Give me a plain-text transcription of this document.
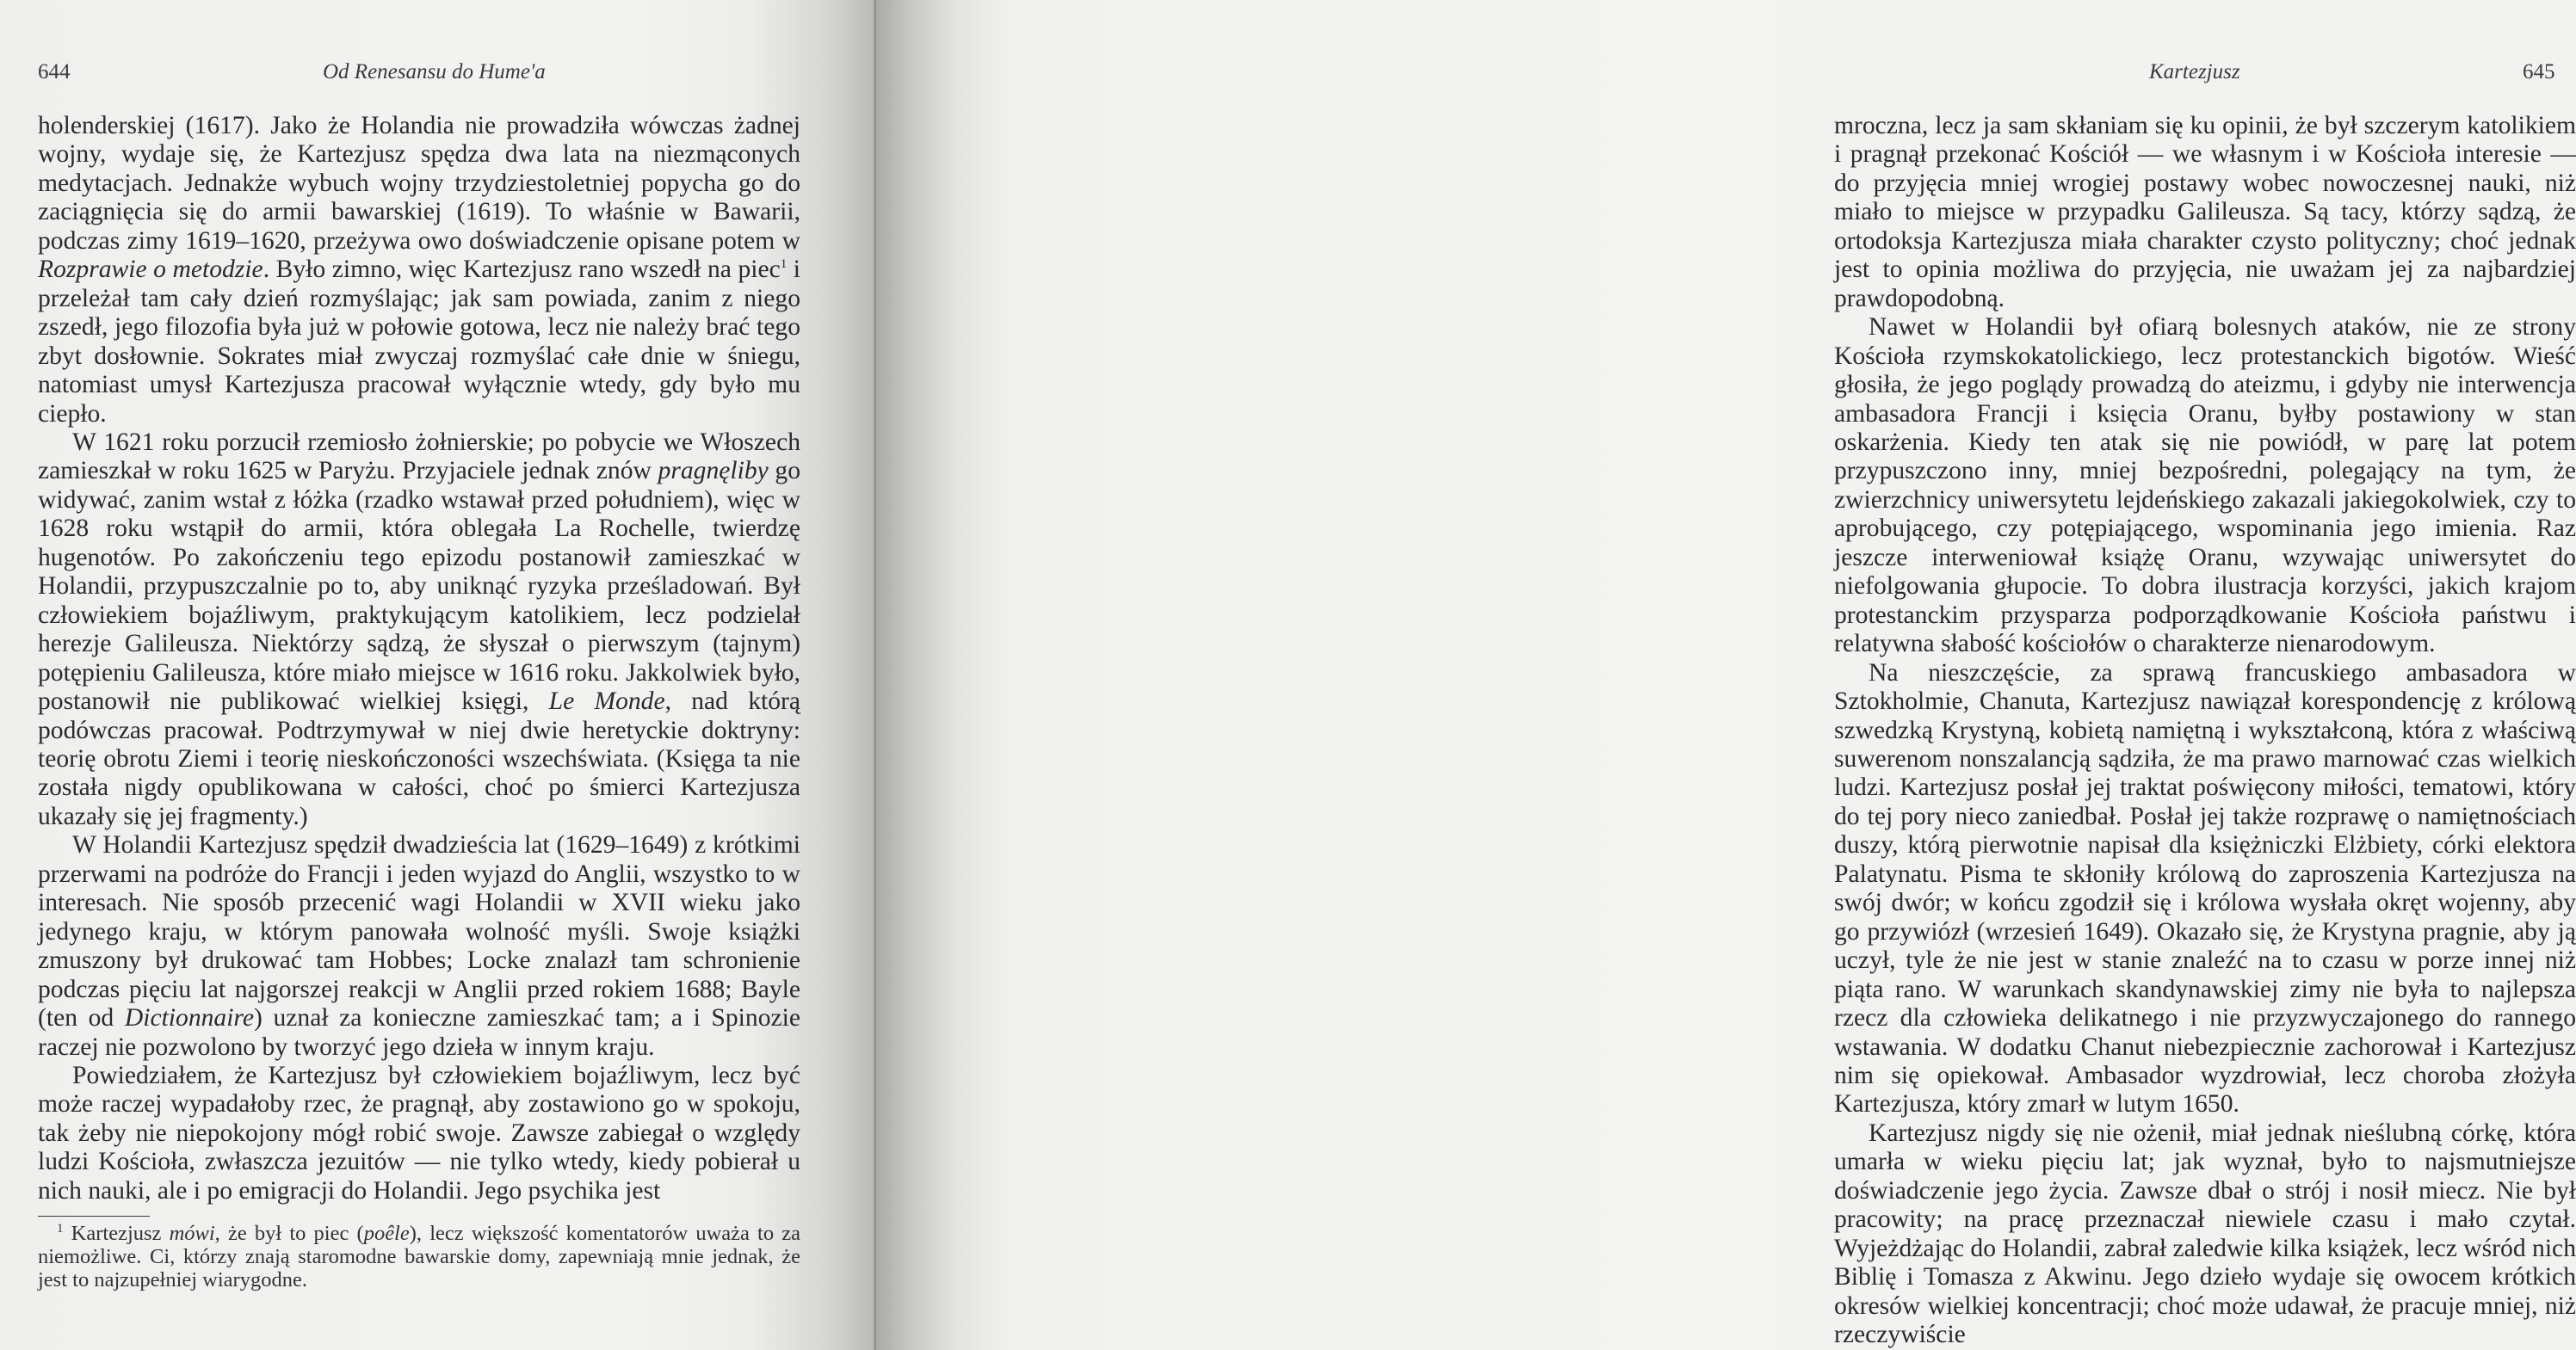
644	Od Renesansu do Hume'a

holenderskiej (1617). Jako że Holandia nie prowadziła wówczas żadnej wojny, wydaje się, że Kartezjusz spędza dwa lata na niezmąconych medytacjach. Jednakże wybuch wojny trzydziestoletniej popycha go do zaciągnięcia się do armii bawarskiej (1619). To właśnie w Bawarii, podczas zimy 1619–1620, przeżywa owo doświadczenie opisane potem w Rozprawie o metodzie. Było zimno, więc Kartezjusz rano wszedł na piec$^1$ i przeleżał tam cały dzień rozmyślając; jak sam powiada, zanim z niego zszedł, jego filozofia była już w połowie gotowa, lecz nie należy brać tego zbyt dosłownie. Sokrates miał zwyczaj rozmyślać całe dnie w śniegu, natomiast umysł Kartezjusza pracował wyłącznie wtedy, gdy było mu ciepło.

W 1621 roku porzucił rzemiosło żołnierskie; po pobycie we Włoszech zamieszkał w roku 1625 w Paryżu. Przyjaciele jednak znów pragnęliby go widywać, zanim wstał z łóżka (rzadko wstawał przed południem), więc w 1628 roku wstąpił do armii, która oblegała La Rochelle, twierdzę hugenotów. Po zakończeniu tego epizodu postanowił zamieszkać w Holandii, przypuszczalnie po to, aby uniknąć ryzyka prześladowań. Był człowiekiem bojaźliwym, praktykującym katolikiem, lecz podzielał herezje Galileusza. Niektórzy sądzą, że słyszał o pierwszym (tajnym) potępieniu Galileusza, które miało miejsce w 1616 roku. Jakkolwiek było, postanowił nie publikować wielkiej księgi, Le Monde, nad którą podówczas pracował. Podtrzymywał w niej dwie heretyckie doktryny: teorię obrotu Ziemi i teorię nieskończoności wszechświata. (Księga ta nie została nigdy opublikowana w całości, choć po śmierci Kartezjusza ukazały się jej fragmenty.)

W Holandii Kartezjusz spędził dwadzieścia lat (1629–1649) z krótkimi przerwami na podróże do Francji i jeden wyjazd do Anglii, wszystko to w interesach. Nie sposób przecenić wagi Holandii w XVII wieku jako jedynego kraju, w którym panowała wolność myśli. Swoje książki zmuszony był drukować tam Hobbes; Locke znalazł tam schronienie podczas pięciu lat najgorszej reakcji w Anglii przed rokiem 1688; Bayle (ten od Dictionnaire) uznał za konieczne zamieszkać tam; a i Spinozie raczej nie pozwolono by tworzyć jego dzieła w innym kraju.

Powiedziałem, że Kartezjusz był człowiekiem bojaźliwym, lecz być może raczej wypadałoby rzec, że pragnął, aby zostawiono go w spokoju, tak żeby nie niepokojony mógł robić swoje. Zawsze zabiegał o względy ludzi Kościoła, zwłaszcza jezuitów — nie tylko wtedy, kiedy pobierał u nich nauki, ale i po emigracji do Holandii. Jego psychika jest

$^1$ Kartezjusz mówi, że był to piec (poêle), lecz większość komentatorów uważa to za niemożliwe. Ci, którzy znają staromodne bawarskie domy, zapewniają mnie jednak, że jest to najzupełniej wiarygodne.

Kartezjusz	645

mroczna, lecz ja sam skłaniam się ku opinii, że był szczerym katolikiem i pragnął przekonać Kościół — we własnym i w Kościoła interesie — do przyjęcia mniej wrogiej postawy wobec nowoczesnej nauki, niż miało to miejsce w przypadku Galileusza. Są tacy, którzy sądzą, że ortodoksja Kartezjusza miała charakter czysto polityczny; choć jednak jest to opinia możliwa do przyjęcia, nie uważam jej za najbardziej prawdopodobną.

Nawet w Holandii był ofiarą bolesnych ataków, nie ze strony Kościoła rzymskokatolickiego, lecz protestanckich bigotów. Wieść głosiła, że jego poglądy prowadzą do ateizmu, i gdyby nie interwencja ambasadora Francji i księcia Oranu, byłby postawiony w stan oskarżenia. Kiedy ten atak się nie powiódł, w parę lat potem przypuszczono inny, mniej bezpośredni, polegający na tym, że zwierzchnicy uniwersytetu lejdeńskiego zakazali jakiegokolwiek, czy to aprobującego, czy potępiającego, wspominania jego imienia. Raz jeszcze interweniował książę Oranu, wzywając uniwersytet do niefolgowania głupocie. To dobra ilustracja korzyści, jakich krajom protestanckim przysparza podporządkowanie Kościoła państwu i relatywna słabość kościołów o charakterze nienarodowym.

Na nieszczęście, za sprawą francuskiego ambasadora w Sztokholmie, Chanuta, Kartezjusz nawiązał korespondencję z królową szwedzką Krystyną, kobietą namiętną i wykształconą, która z właściwą suwerenom nonszalancją sądziła, że ma prawo marnować czas wielkich ludzi. Kartezjusz posłał jej traktat poświęcony miłości, tematowi, który do tej pory nieco zaniedbał. Posłał jej także rozprawę o namiętnościach duszy, którą pierwotnie napisał dla księżniczki Elżbiety, córki elektora Palatynatu. Pisma te skłoniły królową do zaproszenia Kartezjusza na swój dwór; w końcu zgodził się i królowa wysłała okręt wojenny, aby go przywiózł (wrzesień 1649). Okazało się, że Krystyna pragnie, aby ją uczył, tyle że nie jest w stanie znaleźć na to czasu w porze innej niż piąta rano. W warunkach skandynawskiej zimy nie była to najlepsza rzecz dla człowieka delikatnego i nie przyzwyczajonego do rannego wstawania. W dodatku Chanut niebezpiecznie zachorował i Kartezjusz nim się opiekował. Ambasador wyzdrowiał, lecz choroba złożyła Kartezjusza, który zmarł w lutym 1650.

Kartezjusz nigdy się nie ożenił, miał jednak nieślubną córkę, która umarła w wieku pięciu lat; jak wyznał, było to najsmutniejsze doświadczenie jego życia. Zawsze dbał o strój i nosił miecz. Nie był pracowity; na pracę przeznaczał niewiele czasu i mało czytał. Wyjeżdżając do Holandii, zabrał zaledwie kilka książek, lecz wśród nich Biblię i Tomasza z Akwinu. Jego dzieło wydaje się owocem krótkich okresów wielkiej koncentracji; choć może udawał, że pracuje mniej, niż rzeczywiście
